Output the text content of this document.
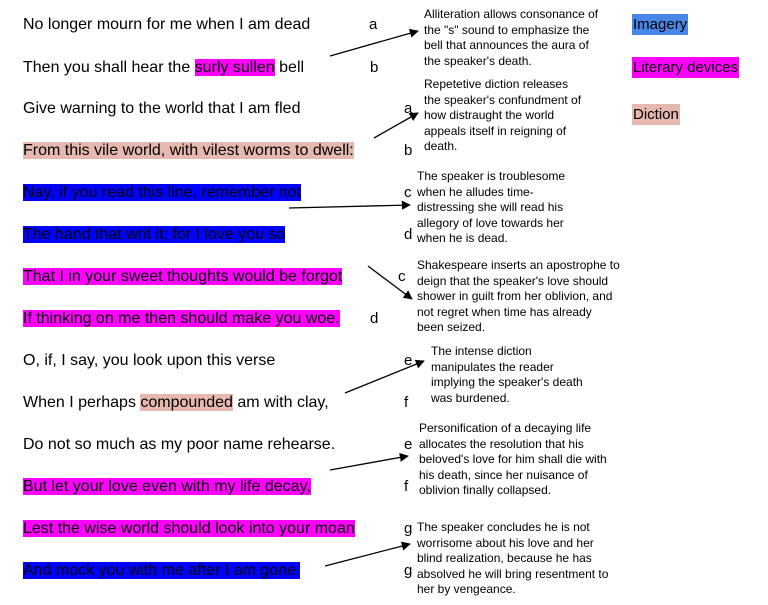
No longer mourn for me when I am dead
Then you shall hear the surly sullen bell
Give warning to the world that I am fled
From this vile world, with vilest worms to dwell:
Nay, if you read this line, remember not
The hand that writ it; for I love you so
That I in your sweet thoughts would be forgot
If thinking on me then should make you woe.
O, if, I say, you look upon this verse
When I perhaps compounded am with clay,
Do not so much as my poor name rehearse.
But let your love even with my life decay,
Lest the wise world should look into your moan
And mock you with me after I am gone.
a
b
a
b
c
d
c
d
e
f
e
f
g
g
Alliteration allows consonance of
the "s" sound to emphasize the
bell that announces the aura of
the speaker's death.
Repetetive diction releases
the speaker's confundment of
how distraught the world
appeals itself in reigning of
death.
The speaker is troublesome
when he alludes time-
distressing she will read his
allegory of love towards her
when he is dead.
Shakespeare inserts an apostrophe to
deign that the speaker's love should
shower in guilt from her oblivion, and
not regret when time has already
been seized.
The intense diction
manipulates the reader
implying the speaker's death
was burdened.
Personification of a decaying life
allocates the resolution that his
beloved's love for him shall die with
his death, since her nuisance of
oblivion finally collapsed.
The speaker concludes he is not
worrisome about his love and her
blind realization, because he has
absolved he will bring resentment to
her by vengeance.
Imagery
Literary devices
Diction
